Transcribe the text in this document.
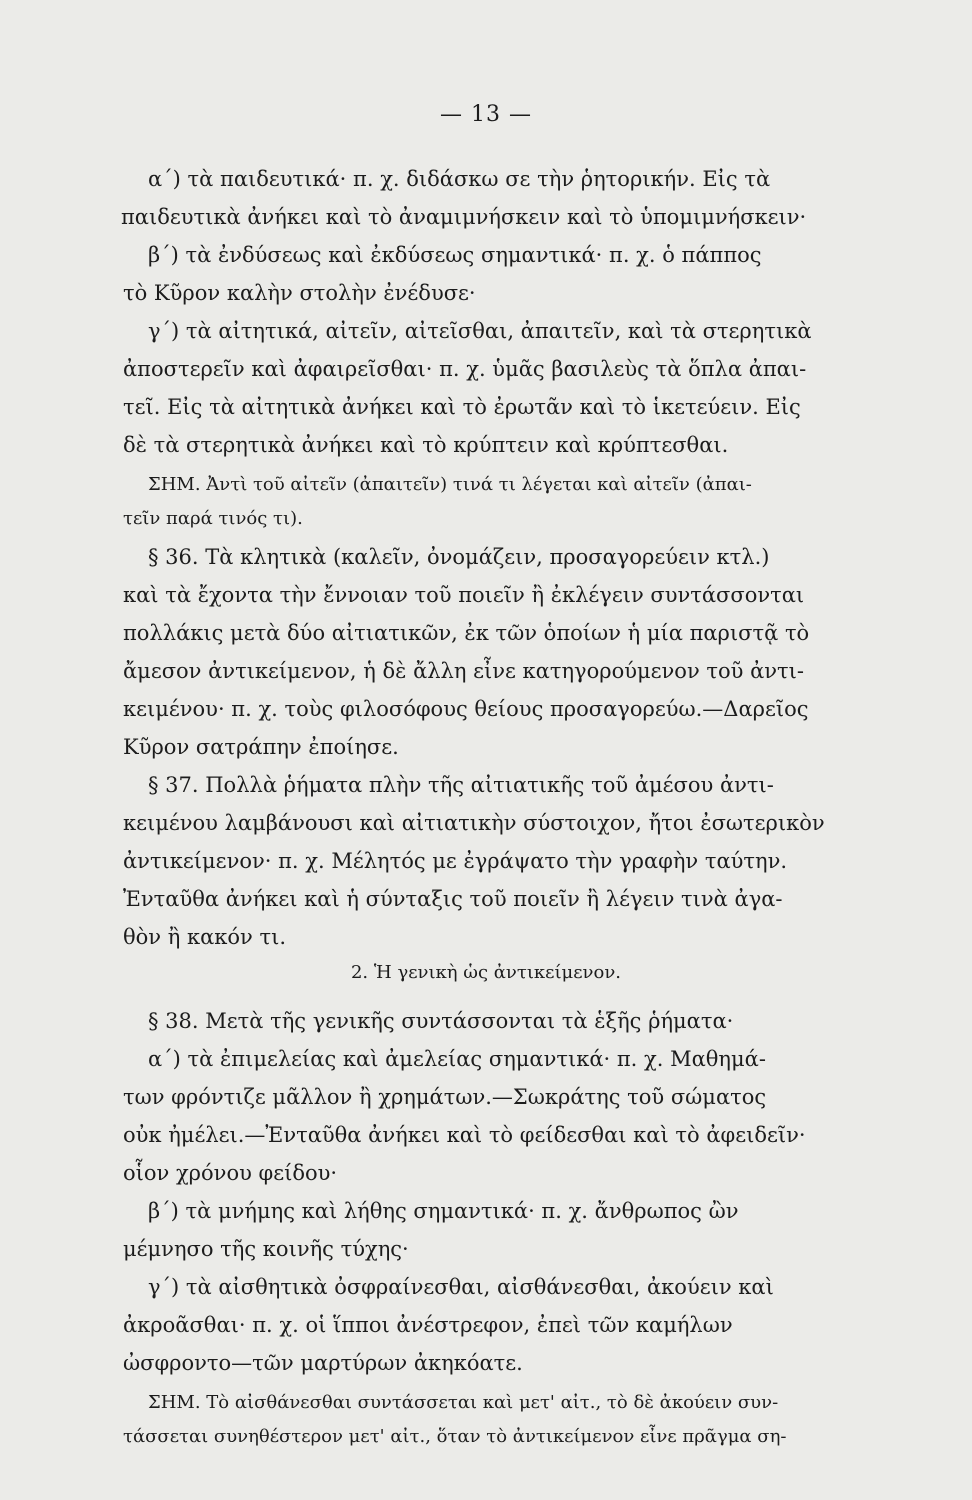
— 13 —
α΄) τὰ παιδευτικά· π. χ. διδάσκω σε τὴν ῥητορικήν. Εἰς τὰ
παιδευτικὰ ἀνήκει καὶ τὸ ἀναμιμνήσκειν καὶ τὸ ὑπομιμνήσκειν·
β΄) τὰ ἐνδύσεως καὶ ἐκδύσεως σημαντικά· π. χ. ὁ πάππος
τὸ Κῦρον καλὴν στολὴν ἐνέδυσε·
γ΄) τὰ αἰτητικά, αἰτεῖν, αἰτεῖσθαι, ἀπαιτεῖν, καὶ τὰ στερητικὰ
ἀποστερεῖν καὶ ἀφαιρεῖσθαι· π. χ. ὑμᾶς βασιλεὺς τὰ ὅπλα ἀπαι-
τεῖ. Εἰς τὰ αἰτητικὰ ἀνήκει καὶ τὸ ἐρωτᾶν καὶ τὸ ἱκετεύειν. Εἰς
δὲ τὰ στερητικὰ ἀνήκει καὶ τὸ κρύπτειν καὶ κρύπτεσθαι.
ΣΗΜ. Ἀντὶ τοῦ αἰτεῖν (ἀπαιτεῖν) τινά τι λέγεται καὶ αἰτεῖν (ἀπαι-
τεῖν παρά τινός τι).
§ 36. Τὰ κλητικὰ (καλεῖν, ὀνομάζειν, προσαγορεύειν κτλ.)
καὶ τὰ ἔχοντα τὴν ἔννοιαν τοῦ ποιεῖν ἢ ἐκλέγειν συντάσσονται
πολλάκις μετὰ δύο αἰτιατικῶν, ἐκ τῶν ὁποίων ἡ μία παριστᾷ τὸ
ἄμεσον ἀντικείμενον, ἡ δὲ ἄλλη εἶνε κατηγορούμενον τοῦ ἀντι-
κειμένου· π. χ. τοὺς φιλοσόφους θείους προσαγορεύω.—Δαρεῖος
Κῦρον σατράπην ἐποίησε.
§ 37. Πολλὰ ῥήματα πλὴν τῆς αἰτιατικῆς τοῦ ἀμέσου ἀντι-
κειμένου λαμβάνουσι καὶ αἰτιατικὴν σύστοιχον, ἤτοι ἐσωτερικὸν
ἀντικείμενον· π. χ. Μέλητός με ἐγράψατο τὴν γραφὴν ταύτην.
Ἐνταῦθα ἀνήκει καὶ ἡ σύνταξις τοῦ ποιεῖν ἢ λέγειν τινὰ ἀγα-
θὸν ἢ κακόν τι.
2. Ἡ γενικὴ ὡς ἀντικείμενον.
§ 38. Μετὰ τῆς γενικῆς συντάσσονται τὰ ἑξῆς ῥήματα·
α΄) τὰ ἐπιμελείας καὶ ἀμελείας σημαντικά· π. χ. Μαθημά-
των φρόντιζε μᾶλλον ἢ χρημάτων.—Σωκράτης τοῦ σώματος
οὐκ ἠμέλει.—Ἐνταῦθα ἀνήκει καὶ τὸ φείδεσθαι καὶ τὸ ἀφειδεῖν·
οἷον χρόνου φείδου·
β΄) τὰ μνήμης καὶ λήθης σημαντικά· π. χ. ἄνθρωπος ὢν
μέμνησο τῆς κοινῆς τύχης·
γ΄) τὰ αἰσθητικὰ ὀσφραίνεσθαι, αἰσθάνεσθαι, ἀκούειν καὶ
ἀκροᾶσθαι· π. χ. οἱ ἵπποι ἀνέστρεφον, ἐπεὶ τῶν καμήλων
ὠσφροντο—τῶν μαρτύρων ἀκηκόατε.
ΣΗΜ. Τὸ αἰσθάνεσθαι συντάσσεται καὶ μετ' αἰτ., τὸ δὲ ἀκούειν συν-
τάσσεται συνηθέστερον μετ' αἰτ., ὅταν τὸ ἀντικείμενον εἶνε πρᾶγμα ση-
